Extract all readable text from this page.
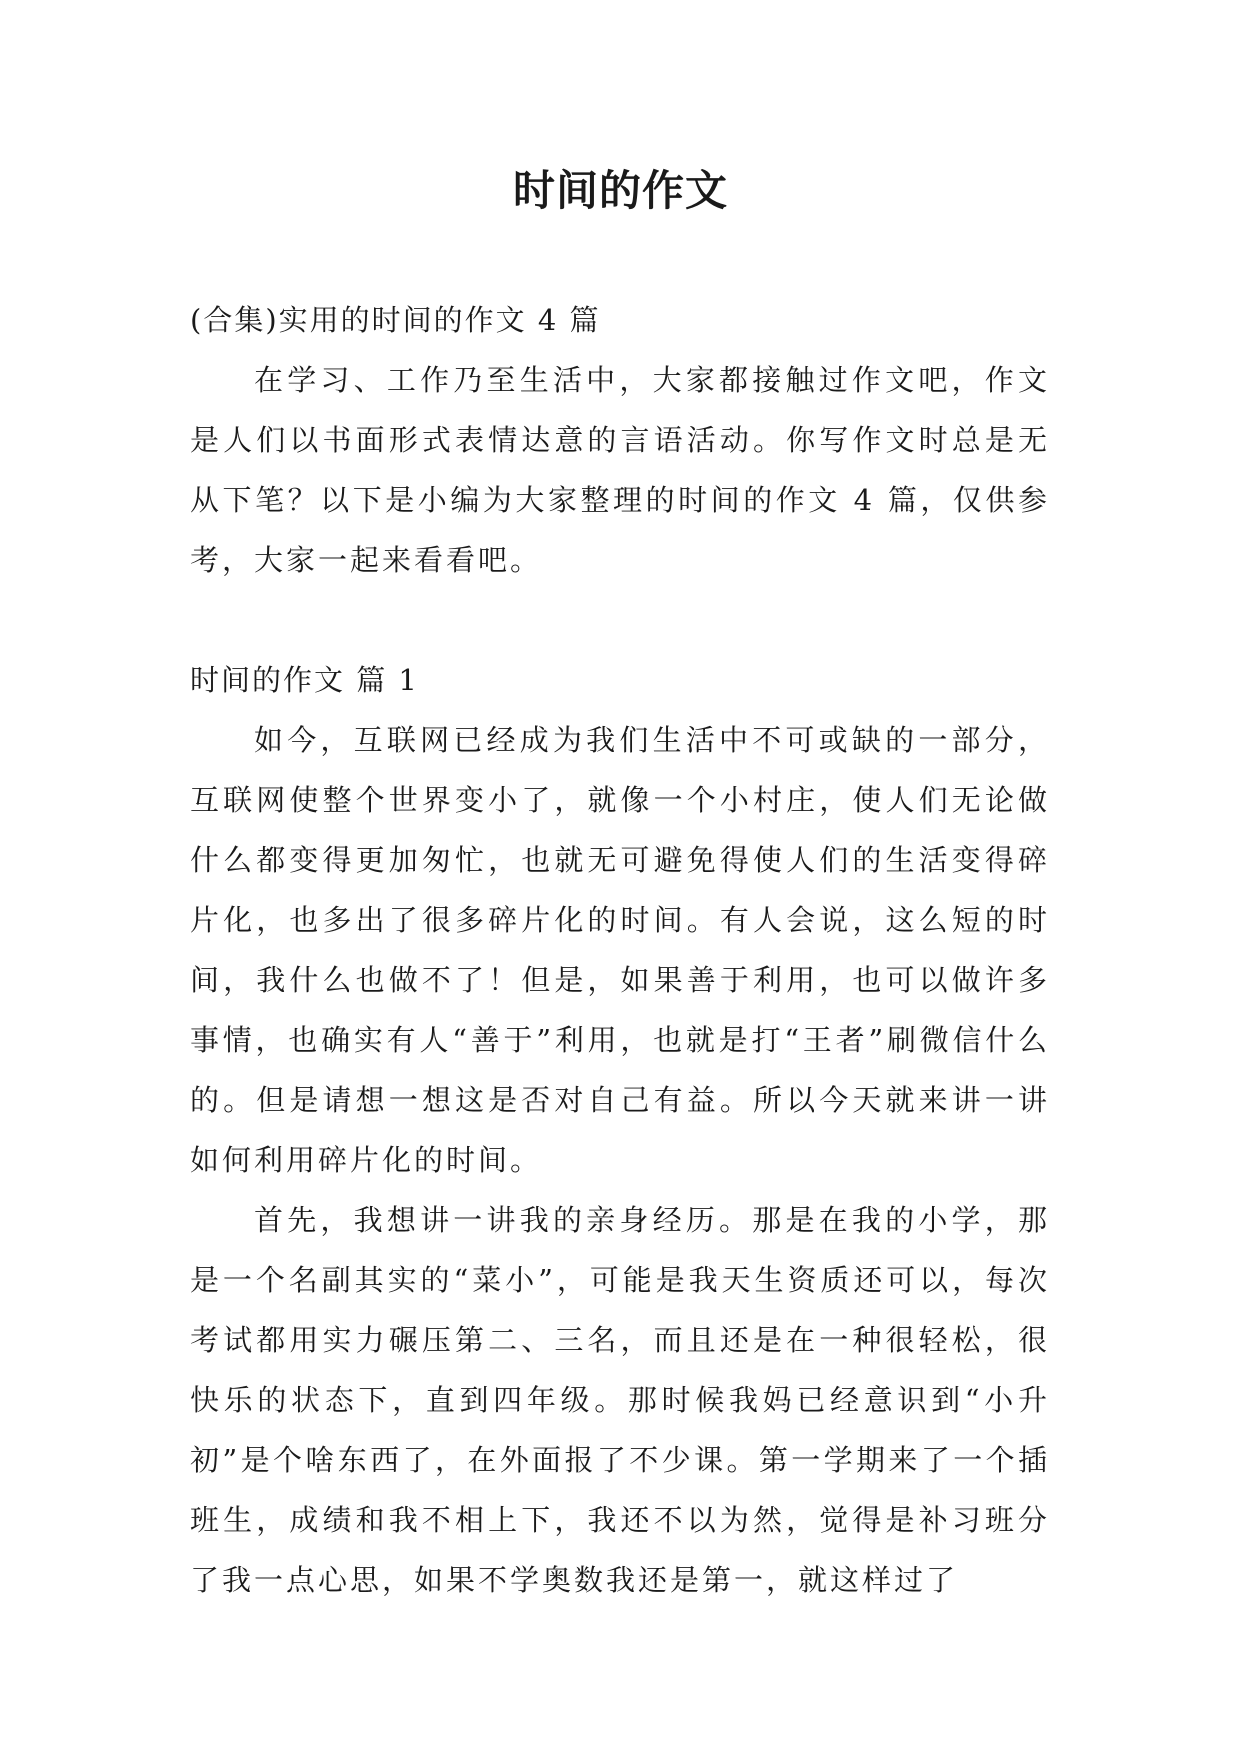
时间的作文

(合集)实用的时间的作文 4 篇

在学习、工作乃至生活中，大家都接触过作文吧，作文是人们以书面形式表情达意的言语活动。你写作文时总是无从下笔？以下是小编为大家整理的时间的作文 4 篇，仅供参考，大家一起来看看吧。

时间的作文 篇 1

如今，互联网已经成为我们生活中不可或缺的一部分，互联网使整个世界变小了，就像一个小村庄，使人们无论做什么都变得更加匆忙，也就无可避免得使人们的生活变得碎片化，也多出了很多碎片化的时间。有人会说，这么短的时间，我什么也做不了！但是，如果善于利用，也可以做许多事情，也确实有人“善于”利用，也就是打“王者”刷微信什么的。但是请想一想这是否对自己有益。所以今天就来讲一讲如何利用碎片化的时间。

首先，我想讲一讲我的亲身经历。那是在我的小学，那是一个名副其实的“菜小”，可能是我天生资质还可以，每次考试都用实力碾压第二、三名，而且还是在一种很轻松，很快乐的状态下，直到四年级。那时候我妈已经意识到“小升初”是个啥东西了，在外面报了不少课。第一学期来了一个插班生，成绩和我不相上下，我还不以为然，觉得是补习班分了我一点心思，如果不学奥数我还是第一，就这样过了
